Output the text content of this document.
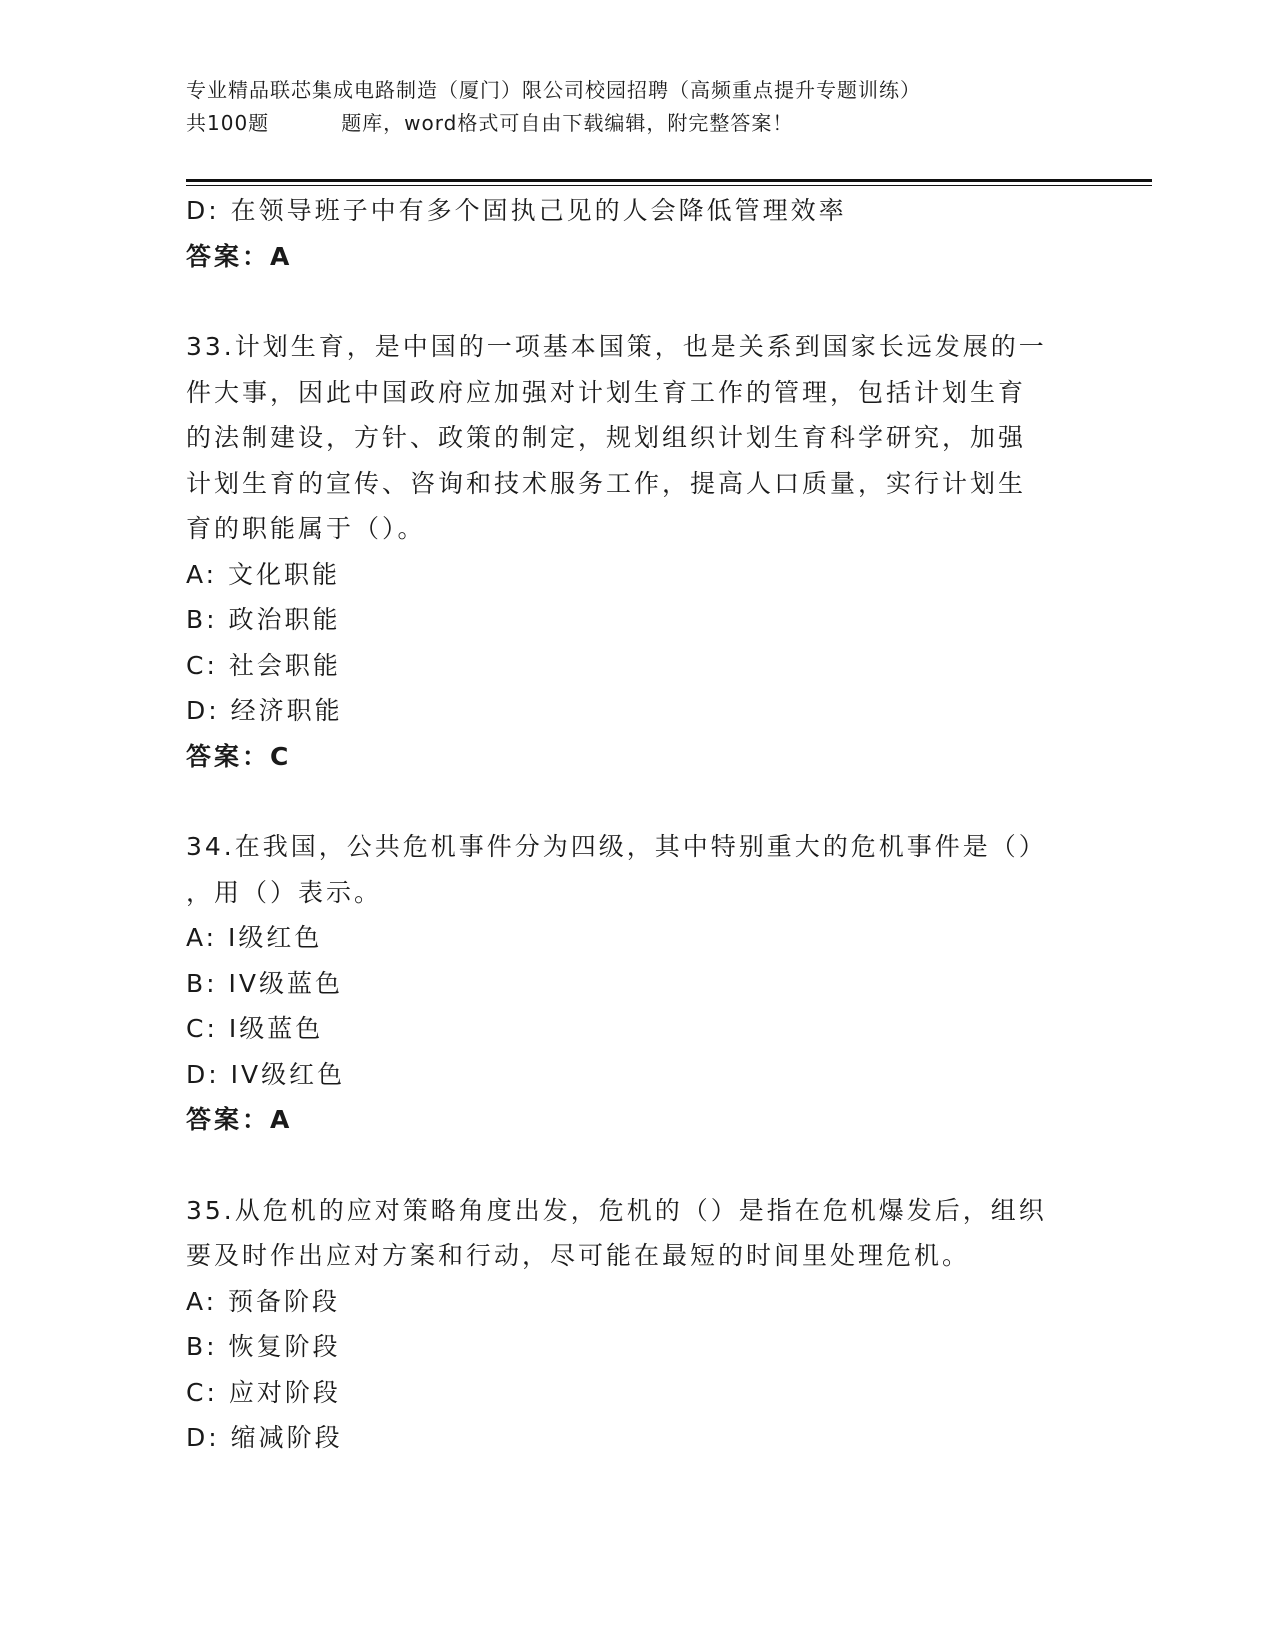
专业精品联芯集成电路制造（厦门）限公司校园招聘（高频重点提升专题训练）
共100题	题库，word格式可自由下载编辑，附完整答案！
D: 在领导班子中有多个固执己见的人会降低管理效率
答案：A
33.计划生育，是中国的一项基本国策，也是关系到国家长远发展的一
件大事，因此中国政府应加强对计划生育工作的管理，包括计划生育
的法制建设，方针、政策的制定，规划组织计划生育科学研究，加强
计划生育的宣传、咨询和技术服务工作，提高人口质量，实行计划生
育的职能属于（）。
A: 文化职能
B: 政治职能
C: 社会职能
D: 经济职能
答案：C
34.在我国，公共危机事件分为四级，其中特别重大的危机事件是（）
，用（）表示。
A: I级红色
B: IV级蓝色
C: I级蓝色
D: IV级红色
答案：A
35.从危机的应对策略角度出发，危机的（）是指在危机爆发后，组织
要及时作出应对方案和行动，尽可能在最短的时间里处理危机。
A: 预备阶段
B: 恢复阶段
C: 应对阶段
D: 缩减阶段
